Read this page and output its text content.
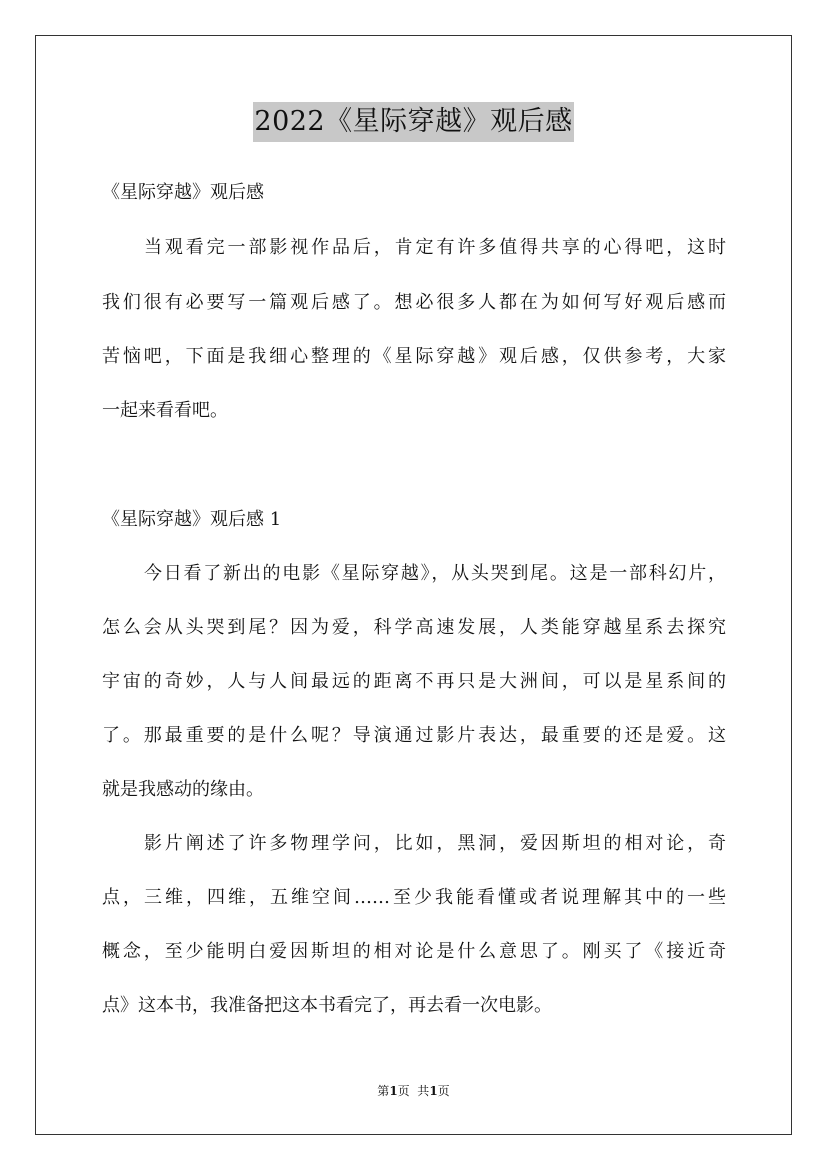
2022《星际穿越》观后感
《星际穿越》观后感
当观看完一部影视作品后，肯定有许多值得共享的心得吧，这时
我们很有必要写一篇观后感了。想必很多人都在为如何写好观后感而
苦恼吧，下面是我细心整理的《星际穿越》观后感，仅供参考，大家
一起来看看吧。
《星际穿越》观后感 1
今日看了新出的电影《星际穿越》，从头哭到尾。这是一部科幻片，
怎么会从头哭到尾？因为爱，科学高速发展，人类能穿越星系去探究
宇宙的奇妙，人与人间最远的距离不再只是大洲间，可以是星系间的
了。那最重要的是什么呢？导演通过影片表达，最重要的还是爱。这
就是我感动的缘由。
影片阐述了许多物理学问，比如，黑洞，爱因斯坦的相对论，奇
点，三维，四维，五维空间……至少我能看懂或者说理解其中的一些
概念，至少能明白爱因斯坦的相对论是什么意思了。刚买了《接近奇
点》这本书，我准备把这本书看完了，再去看一次电影。
第1页  共1页
